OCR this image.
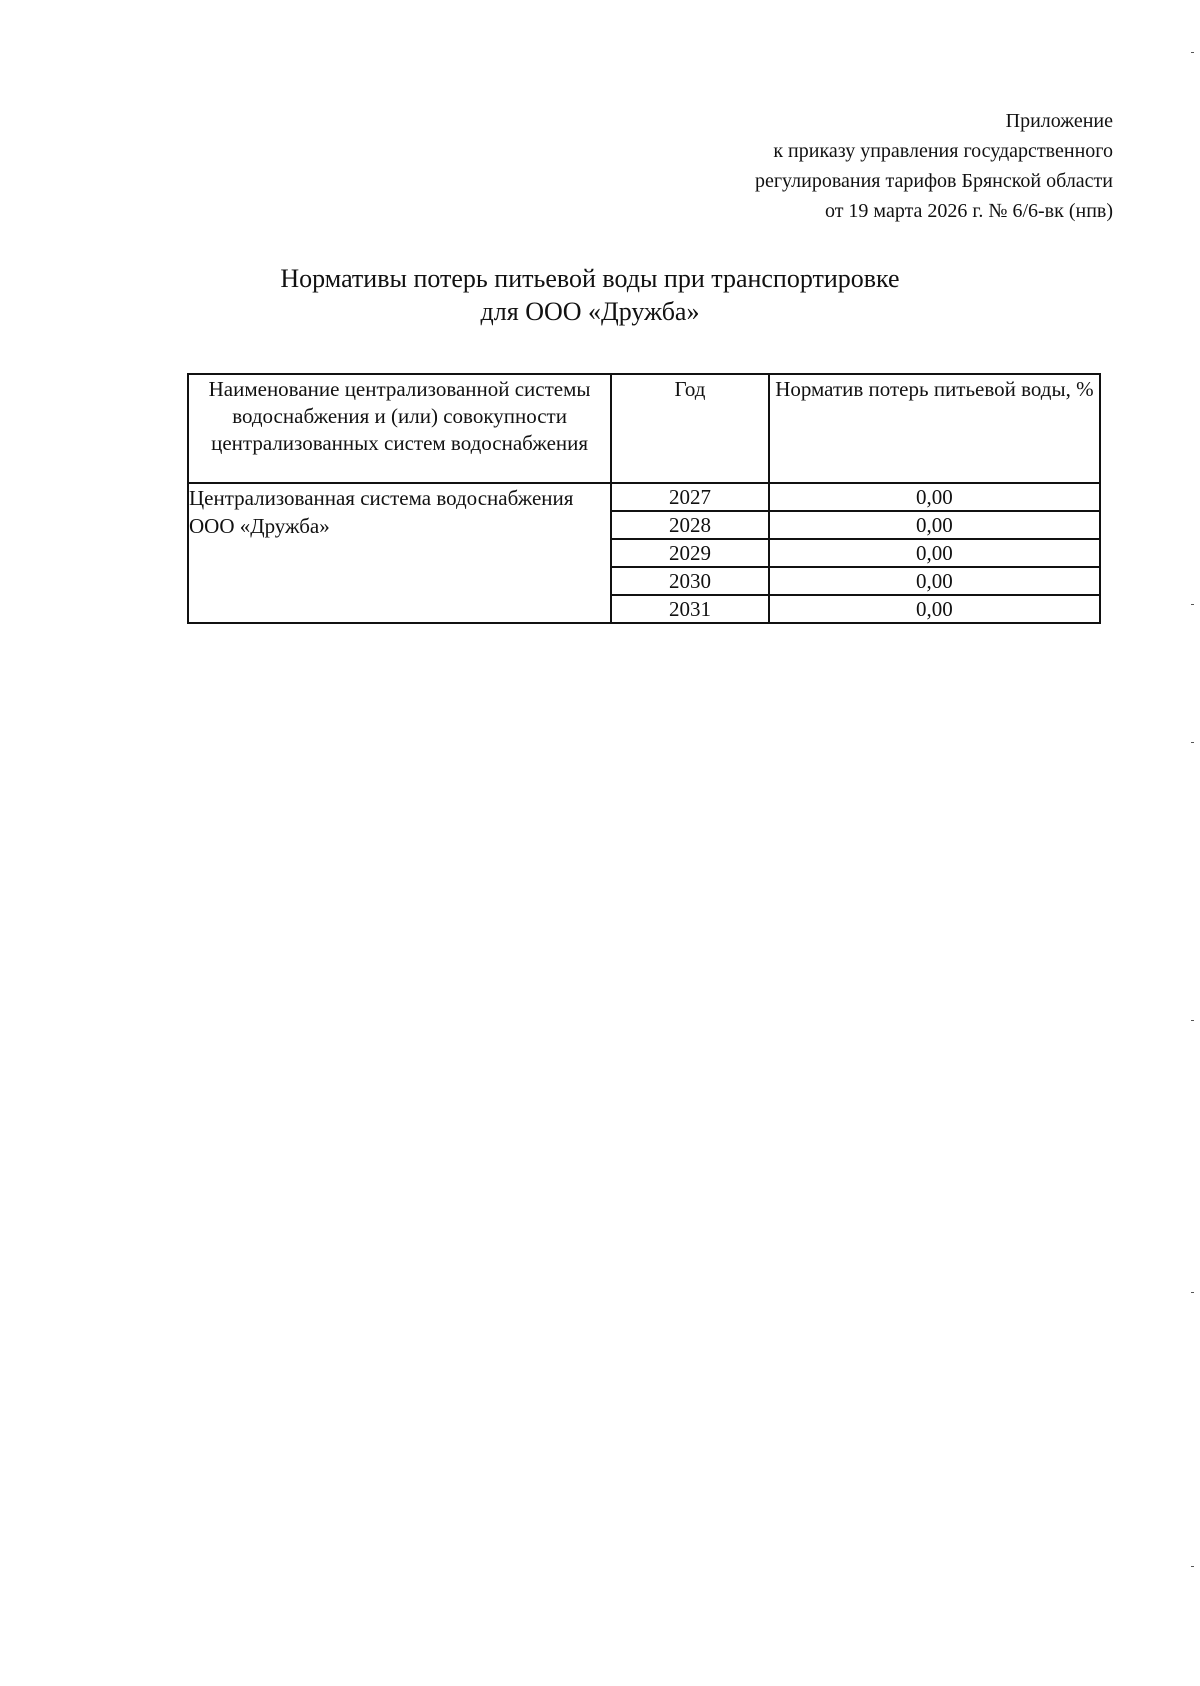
Приложение
к приказу управления государственного
регулирования тарифов Брянской области
от 19 марта 2026 г. № 6/6-вк (нпв)
Нормативы потерь питьевой воды при транспортировке
для ООО «Дружба»
Наименование централизованной системы водоснабжения и (или) совокупности централизованных систем водоснабжения	Год	Норматив потерь питьевой воды, %
Централизованная система водоснабжения ООО «Дружба»	2027	0,00
	2028	0,00
	2029	0,00
	2030	0,00
	2031	0,00
